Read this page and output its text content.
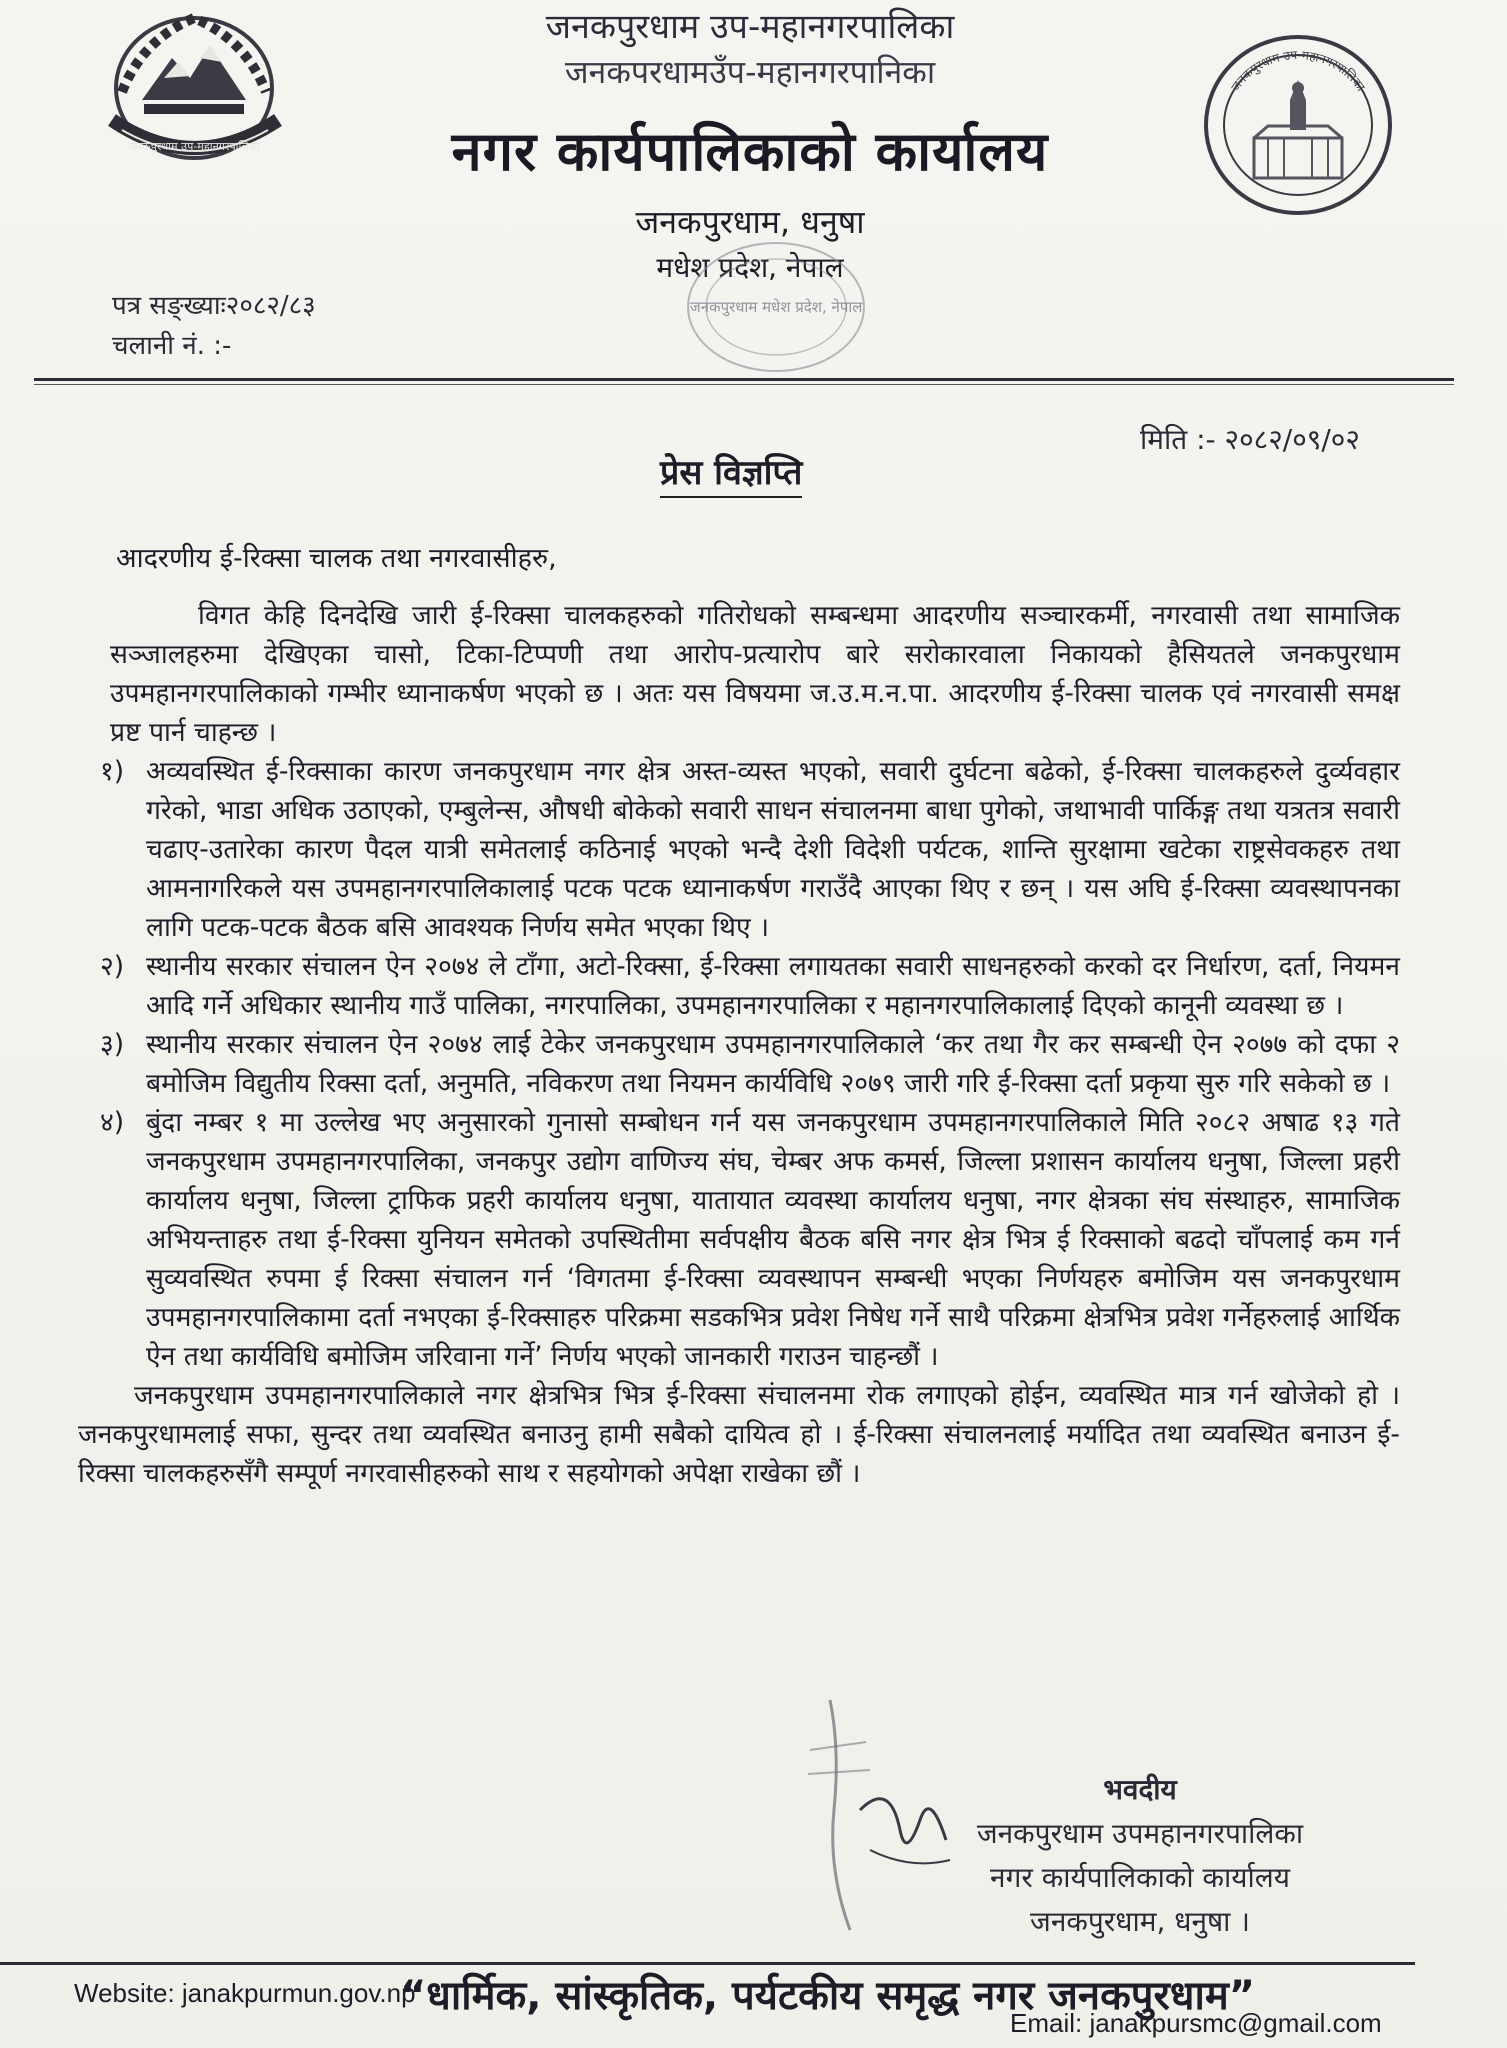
जनकपुरधाम उप-महानगरपालिका
जनकपुरधाम उप-महानगरपालिका
जनकपरधामउँप-महानगरपानिका
नगर कार्यपालिकाको कार्यालय
जनकपुरधाम, धनुषा
मधेश प्रदेश, नेपाल
जनकपुरधाम उप-महानगरपालिका
जनकपुरधाम मधेश प्रदेश, नेपाल
पत्र सङ्ख्याः२०८२/८३
चलानी नं. :-
मिति :- २०८२/०९/०२
प्रेस विज्ञप्ति
आदरणीय ई-रिक्सा चालक तथा नगरवासीहरु,

विगत केहि दिनदेखि जारी ई-रिक्सा चालकहरुको गतिरोधको सम्बन्धमा आदरणीय सञ्चारकर्मी, नगरवासी तथा सामाजिक सञ्जालहरुमा देखिएका चासो, टिका-टिप्पणी तथा आरोप-प्रत्यारोप बारे सरोकारवाला निकायको हैसियतले जनकपुरधाम उपमहानगरपालिकाको गम्भीर ध्यानाकर्षण भएको छ । अतः यस विषयमा ज.उ.म.न.पा. आदरणीय ई-रिक्सा चालक एवं नगरवासी समक्ष प्रष्ट पार्न चाहन्छ ।

१) अव्यवस्थित ई-रिक्साका कारण जनकपुरधाम नगर क्षेत्र अस्त-व्यस्त भएको, सवारी दुर्घटना बढेको, ई-रिक्सा चालकहरुले दुर्व्यवहार गरेको, भाडा अधिक उठाएको, एम्बुलेन्स, औषधी बोकेको सवारी साधन संचालनमा बाधा पुगेको, जथाभावी पार्किङ्ग तथा यत्रतत्र सवारी चढाए-उतारेका कारण पैदल यात्री समेतलाई कठिनाई भएको भन्दै देशी विदेशी पर्यटक, शान्ति सुरक्षामा खटेका राष्ट्रसेवकहरु तथा आमनागरिकले यस उपमहानगरपालिकालाई पटक पटक ध्यानाकर्षण गराउँदै आएका थिए र छन् । यस अघि ई-रिक्सा व्यवस्थापनका लागि पटक-पटक बैठक बसि आवश्यक निर्णय समेत भएका थिए ।

२) स्थानीय सरकार संचालन ऐन २०७४ ले टाँगा, अटो-रिक्सा, ई-रिक्सा लगायतका सवारी साधनहरुको करको दर निर्धारण, दर्ता, नियमन आदि गर्ने अधिकार स्थानीय गाउँ पालिका, नगरपालिका, उपमहानगरपालिका र महानगरपालिकालाई दिएको कानूनी व्यवस्था छ ।

३) स्थानीय सरकार संचालन ऐन २०७४ लाई टेकेर जनकपुरधाम उपमहानगरपालिकाले ‘कर तथा गैर कर सम्बन्धी ऐन २०७७ को दफा २ बमोजिम विद्युतीय रिक्सा दर्ता, अनुमति, नविकरण तथा नियमन कार्यविधि २०७९ जारी गरि ई-रिक्सा दर्ता प्रकृया सुरु गरि सकेको छ ।

४) बुंदा नम्बर १ मा उल्लेख भए अनुसारको गुनासो सम्बोधन गर्न यस जनकपुरधाम उपमहानगरपालिकाले मिति २०८२ अषाढ १३ गते जनकपुरधाम उपमहानगरपालिका, जनकपुर उद्योग वाणिज्य संघ, चेम्बर अफ कमर्स, जिल्ला प्रशासन कार्यालय धनुषा, जिल्ला प्रहरी कार्यालय धनुषा, जिल्ला ट्राफिक प्रहरी कार्यालय धनुषा, यातायात व्यवस्था कार्यालय धनुषा, नगर क्षेत्रका संघ संस्थाहरु, सामाजिक अभियन्ताहरु तथा ई-रिक्सा युनियन समेतको उपस्थितीमा सर्वपक्षीय बैठक बसि नगर क्षेत्र भित्र ई रिक्साको बढदो चाँपलाई कम गर्न सुव्यवस्थित रुपमा ई रिक्सा संचालन गर्न ‘विगतमा ई-रिक्सा व्यवस्थापन सम्बन्धी भएका निर्णयहरु बमोजिम यस जनकपुरधाम उपमहानगरपालिकामा दर्ता नभएका ई-रिक्साहरु परिक्रमा सडकभित्र प्रवेश निषेध गर्ने साथै परिक्रमा क्षेत्रभित्र प्रवेश गर्नेहरुलाई आर्थिक ऐन तथा कार्यविधि बमोजिम जरिवाना गर्ने’ निर्णय भएको जानकारी गराउन चाहन्छौं ।

जनकपुरधाम उपमहानगरपालिकाले नगर क्षेत्रभित्र भित्र ई-रिक्सा संचालनमा रोक लगाएको होईन, व्यवस्थित मात्र गर्न खोजेको हो । जनकपुरधामलाई सफा, सुन्दर तथा व्यवस्थित बनाउनु हामी सबैको दायित्व हो । ई-रिक्सा संचालनलाई मर्यादित तथा व्यवस्थित बनाउन ई-रिक्सा चालकहरुसँगै सम्पूर्ण नगरवासीहरुको साथ र सहयोगको अपेक्षा राखेका छौं ।

भवदीय
जनकपुरधाम उपमहानगरपालिका
नगर कार्यपालिकाको कार्यालय
जनकपुरधाम, धनुषा ।
Website: janakpurmun.gov.np
“धार्मिक, सांस्कृतिक, पर्यटकीय समृद्ध नगर जनकपुरधाम”
Email: janakpursmc@gmail.com
